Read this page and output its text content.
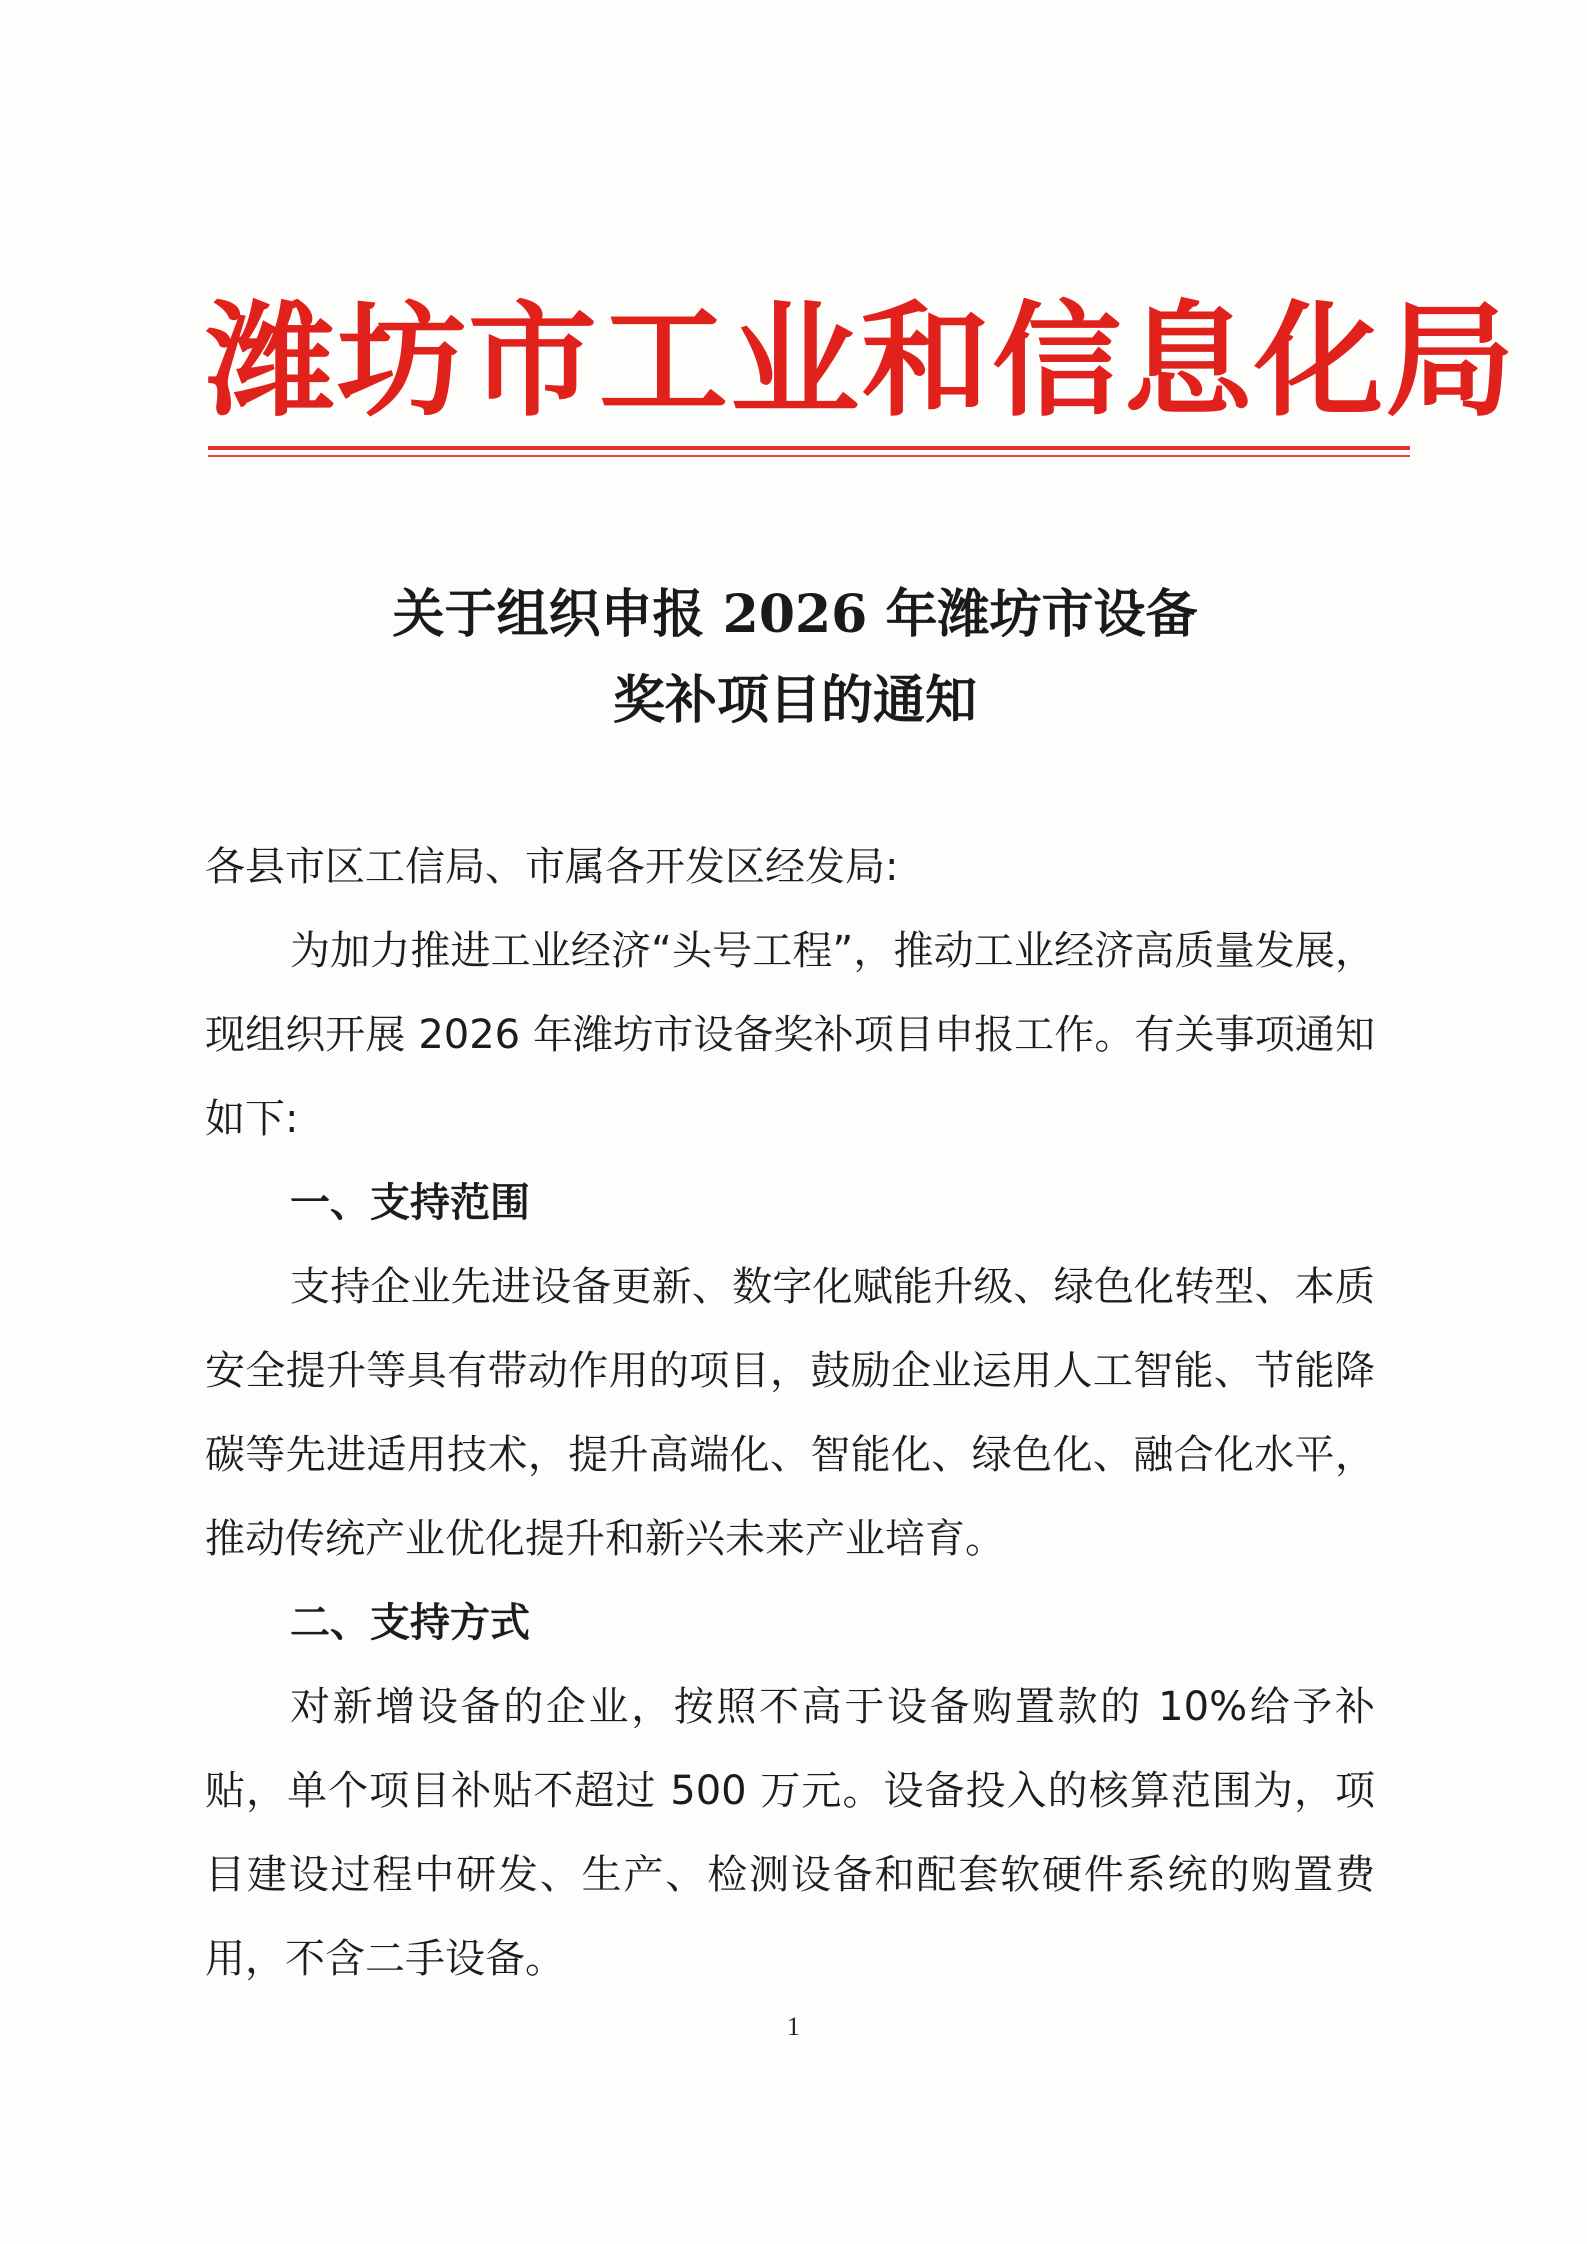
潍坊市工业和信息化局
关于组织申报 2026 年潍坊市设备
奖补项目的通知

各县市区工信局、市属各开发区经发局:

为加力推进工业经济“头号工程”，推动工业经济高质量发展，现组织开展 2026 年潍坊市设备奖补项目申报工作。有关事项通知如下:

一、支持范围

支持企业先进设备更新、数字化赋能升级、绿色化转型、本质安全提升等具有带动作用的项目，鼓励企业运用人工智能、节能降碳等先进适用技术，提升高端化、智能化、绿色化、融合化水平，推动传统产业优化提升和新兴未来产业培育。

二、支持方式

对新增设备的企业，按照不高于设备购置款的 10%给予补贴，单个项目补贴不超过 500 万元。设备投入的核算范围为，项目建设过程中研发、生产、检测设备和配套软硬件系统的购置费用，不含二手设备。

1
